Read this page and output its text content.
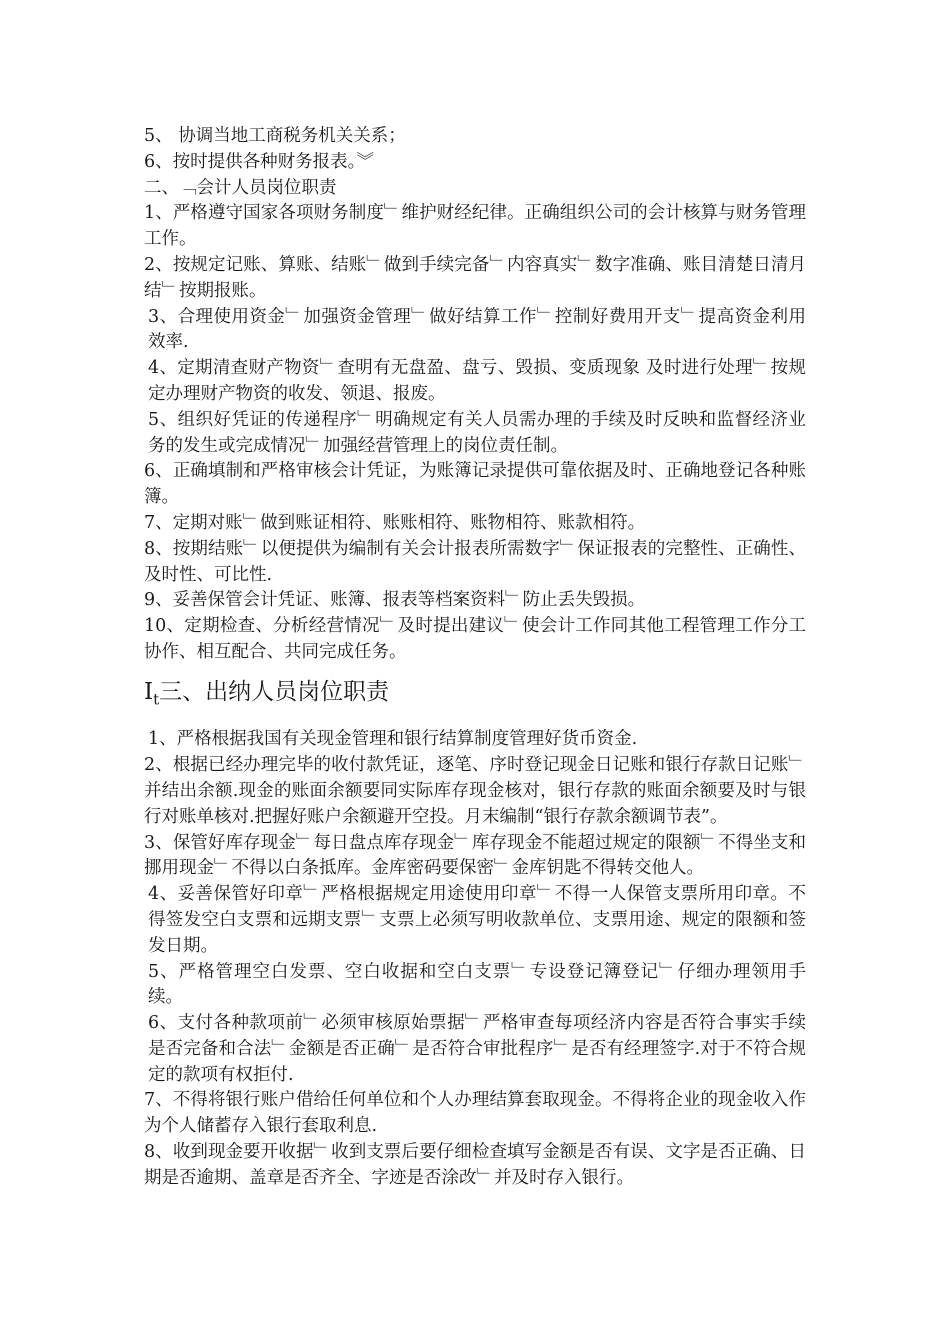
5、 协调当地工商税务机关关系；

6、按时提供各种财务报表。︾

二、﹁会计人员岗位职责

1、严格遵守国家各项财务制度﹂维护财经纪律。正确组织公司的会计核算与财务管理工作。

2、按规定记账、算账、结账﹂做到手续完备﹂内容真实﹂数字准确、账目清楚日清月结﹂按期报账。

3、合理使用资金﹂加强资金管理﹂做好结算工作﹂控制好费用开支﹂提高资金利用效率.

4、定期清查财产物资﹂查明有无盘盈、盘亏、毁损、变质现象 及时进行处理﹂按规定办理财产物资的收发、领退、报废。

5、组织好凭证的传递程序﹂明确规定有关人员需办理的手续及时反映和监督经济业务的发生或完成情况﹂加强经营管理上的岗位责任制。

6、正确填制和严格审核会计凭证，为账簿记录提供可靠依据及时、正确地登记各种账簿。

7、定期对账﹂做到账证相符、账账相符、账物相符、账款相符。

8、按期结账﹂以便提供为编制有关会计报表所需数字﹂保证报表的完整性、正确性、及时性、可比性.

9、妥善保管会计凭证、账簿、报表等档案资料﹂防止丢失毁损。

10、定期检查、分析经营情况﹂及时提出建议﹂使会计工作同其他工程管理工作分工协作、相互配合、共同完成任务。

$I_t$三、出纳人员岗位职责

1、严格根据我国有关现金管理和银行结算制度管理好货币资金.

2、根据已经办理完毕的收付款凭证，逐笔、序时登记现金日记账和银行存款日记账﹂并结出余额.现金的账面余额要同实际库存现金核对，银行存款的账面余额要及时与银行对账单核对.把握好账户余额避开空投。月末编制“银行存款余额调节表”。

3、保管好库存现金﹂每日盘点库存现金﹂库存现金不能超过规定的限额﹂不得坐支和挪用现金﹂不得以白条抵库。金库密码要保密﹂金库钥匙不得转交他人。

4、妥善保管好印章﹂严格根据规定用途使用印章﹂不得一人保管支票所用印章。不得签发空白支票和远期支票﹂支票上必须写明收款单位、支票用途、规定的限额和签发日期。

5、严格管理空白发票、空白收据和空白支票﹂专设登记簿登记﹂仔细办理领用手续。

6、支付各种款项前﹂必须审核原始票据﹂严格审查每项经济内容是否符合事实手续是否完备和合法﹂金额是否正确﹂是否符合审批程序﹂是否有经理签字.对于不符合规定的款项有权拒付.

7、不得将银行账户借给任何单位和个人办理结算套取现金。不得将企业的现金收入作为个人储蓄存入银行套取利息.

8、收到现金要开收据﹂收到支票后要仔细检查填写金额是否有误、文字是否正确、日期是否逾期、盖章是否齐全、字迹是否涂改﹂并及时存入银行。
